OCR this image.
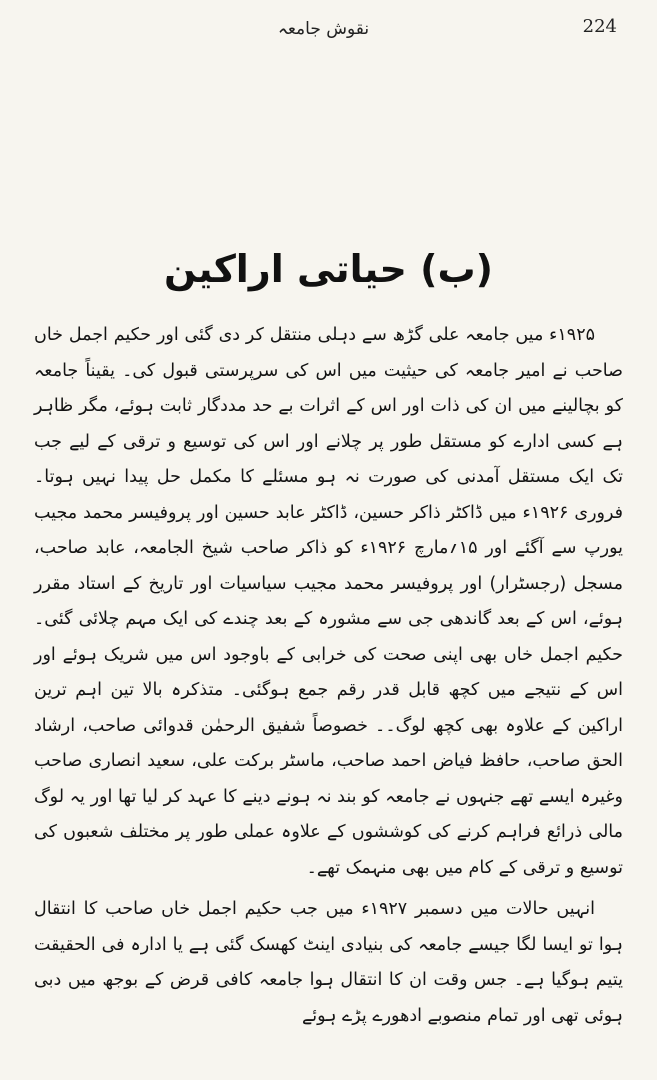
224
نقوش جامعہ
(ب) حیاتی اراکین

۱۹۲۵ء میں جامعہ علی گڑھ سے دہلی منتقل کر دی گئی اور حکیم اجمل خاں صاحب نے امیر جامعہ کی حیثیت میں اس کی سرپرستی قبول کی۔ یقیناً جامعہ کو بچالینے میں ان کی ذات اور اس کے اثرات بے حد مددگار ثابت ہوئے، مگر ظاہر ہے کسی ادارے کو مستقل طور پر چلانے اور اس کی توسیع و ترقی کے لیے جب تک ایک مستقل آمدنی کی صورت نہ ہو مسئلے کا مکمل حل پیدا نہیں ہوتا۔ فروری ۱۹۲۶ء میں ڈاکٹر ذاکر حسین، ڈاکٹر عابد حسین اور پروفیسر محمد مجیب یورپ سے آگئے اور ۱۵؍مارچ ۱۹۲۶ء کو ذاکر صاحب شیخ الجامعہ، عابد صاحب، مسجل (رجسٹرار) اور پروفیسر محمد مجیب سیاسیات اور تاریخ کے استاد مقرر ہوئے، اس کے بعد گاندھی جی سے مشورہ کے بعد چندے کی ایک مہم چلائی گئی۔ حکیم اجمل خاں بھی اپنی صحت کی خرابی کے باوجود اس میں شریک ہوئے اور اس کے نتیجے میں کچھ قابل قدر رقم جمع ہوگئی۔ متذکرہ بالا تین اہم ترین اراکین کے علاوہ بھی کچھ لوگ۔۔ خصوصاً شفیق الرحمٰن قدوائی صاحب، ارشاد الحق صاحب، حافظ فیاض احمد صاحب، ماسٹر برکت علی، سعید انصاری صاحب وغیرہ ایسے تھے جنہوں نے جامعہ کو بند نہ ہونے دینے کا عہد کر لیا تھا اور یہ لوگ مالی ذرائع فراہم کرنے کی کوششوں کے علاوہ عملی طور پر مختلف شعبوں کی توسیع و ترقی کے کام میں بھی منہمک تھے۔

انہیں حالات میں دسمبر ۱۹۲۷ء میں جب حکیم اجمل خاں صاحب کا انتقال ہوا تو ایسا لگا جیسے جامعہ کی بنیادی اینٹ کھسک گئی ہے یا ادارہ فی الحقیقت یتیم ہوگیا ہے۔ جس وقت ان کا انتقال ہوا جامعہ کافی قرض کے بوجھ میں دبی ہوئی تھی اور تمام منصوبے ادھورے پڑے ہوئے
